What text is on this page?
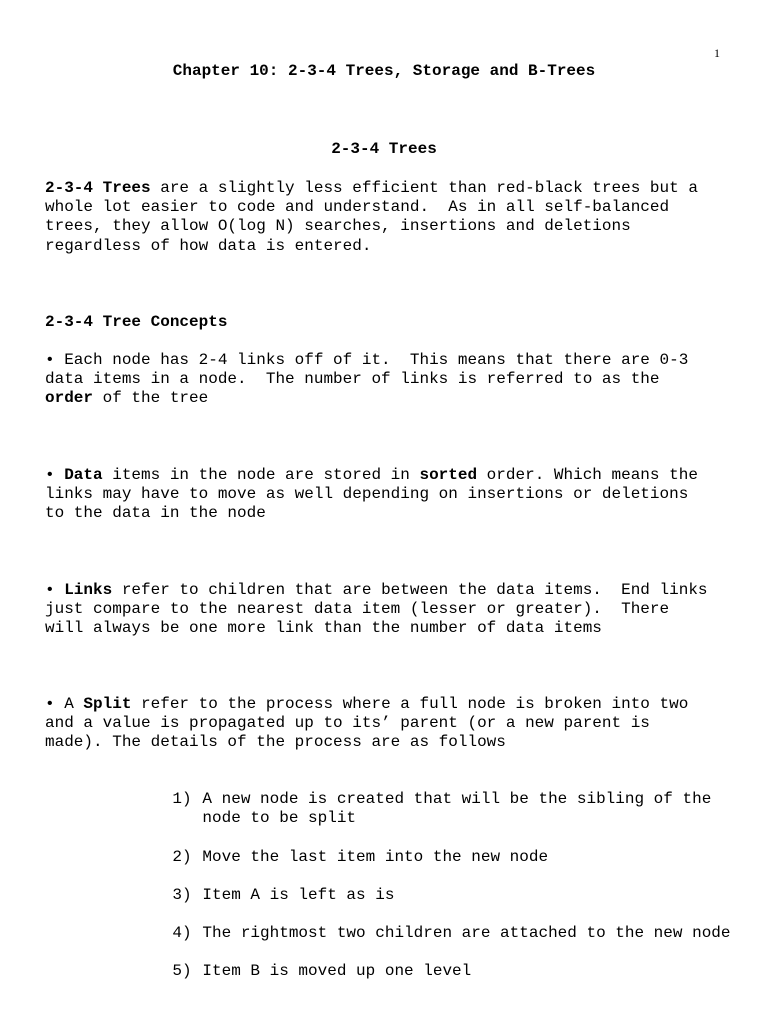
1
Chapter 10: 2-3-4 Trees, Storage and B-Trees
2-3-4 Trees
2-3-4 Trees are a slightly less efficient than red-black trees but a
whole lot easier to code and understand.  As in all self-balanced
trees, they allow O(log N) searches, insertions and deletions
regardless of how data is entered.
2-3-4 Tree Concepts
• Each node has 2-4 links off of it.  This means that there are 0-3
data items in a node.  The number of links is referred to as the
order of the tree
• Data items in the node are stored in sorted order. Which means the
links may have to move as well depending on insertions or deletions
to the data in the node
• Links refer to children that are between the data items.  End links
just compare to the nearest data item (lesser or greater).  There
will always be one more link than the number of data items
• A Split refer to the process where a full node is broken into two
and a value is propagated up to its’ parent (or a new parent is
made). The details of the process are as follows

1) A new node is created that will be the sibling of the
node to be split

2) Move the last item into the new node

3) Item A is left as is

4) The rightmost two children are attached to the new node

5) Item B is moved up one level
